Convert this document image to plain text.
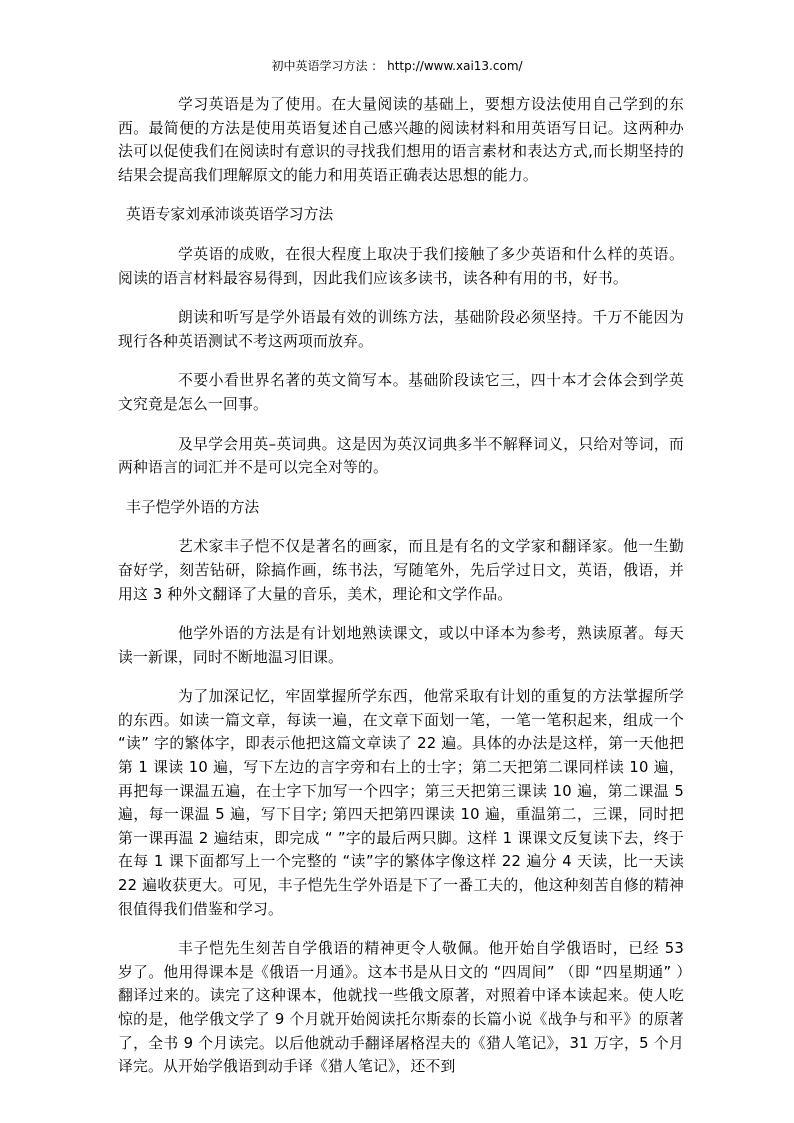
初中英语学习方法 ： http://www.xai13.com/

学习英语是为了使用。在大量阅读的基础上，要想方设法使用自己学到的东西。最简便的方法是使用英语复述自己感兴趣的阅读材料和用英语写日记。这两种办法可以促使我们在阅读时有意识的寻找我们想用的语言素材和表达方式,而长期坚持的结果会提高我们理解原文的能力和用英语正确表达思想的能力。

英语专家刘承沛谈英语学习方法

学英语的成败，在很大程度上取决于我们接触了多少英语和什么样的英语。阅读的语言材料最容易得到，因此我们应该多读书，读各种有用的书，好书。

朗读和听写是学外语最有效的训练方法，基础阶段必须坚持。千万不能因为现行各种英语测试不考这两项而放弃。

不要小看世界名著的英文简写本。基础阶段读它三，四十本才会体会到学英文究竟是怎么一回事。

及早学会用英–英词典。这是因为英汉词典多半不解释词义，只给对等词，而两种语言的词汇并不是可以完全对等的。

丰子恺学外语的方法

艺术家丰子恺不仅是著名的画家，而且是有名的文学家和翻译家。他一生勤奋好学，刻苦钻研，除搞作画，练书法，写随笔外，先后学过日文，英语，俄语，并用这 3 种外文翻译了大量的音乐，美术，理论和文学作品。

他学外语的方法是有计划地熟读课文，或以中译本为参考，熟读原著。每天读一新课，同时不断地温习旧课。

为了加深记忆，牢固掌握所学东西，他常采取有计划的重复的方法掌握所学的东西。如读一篇文章，每读一遍，在文章下面划一笔，一笔一笔积起来，组成一个 “读” 字的繁体字，即表示他把这篇文章读了 22 遍。具体的办法是这样，第一天他把第 1 课读 10 遍，写下左边的言字旁和右上的士字；第二天把第二课同样读 10 遍，再把每一课温五遍，在士字下加写一个四字；第三天把第三课读 10 遍，第二课温 5 遍，每一课温 5 遍，写下目字; 第四天把第四课读 10 遍，重温第二，三课，同时把第一课再温 2 遍结束，即完成 “ ”字的最后两只脚。这样 1 课课文反复读下去，终于在每 1 课下面都写上一个完整的 “读”字的繁体字像这样 22 遍分 4 天读，比一天读 22 遍收获更大。可见，丰子恺先生学外语是下了一番工夫的，他这种刻苦自修的精神很值得我们借鉴和学习。

丰子恺先生刻苦自学俄语的精神更令人敬佩。他开始自学俄语时，已经 53 岁了。他用得课本是《俄语一月通》。这本书是从日文的 “四周间” （即 “四星期通” ）翻译过来的。读完了这种课本，他就找一些俄文原著，对照着中译本读起来。使人吃惊的是，他学俄文学了 9 个月就开始阅读托尔斯泰的长篇小说《战争与和平》的原著了，全书 9 个月读完。以后他就动手翻译屠格涅夫的《猎人笔记》，31 万字，5 个月译完。从开始学俄语到动手译《猎人笔记》，还不到
